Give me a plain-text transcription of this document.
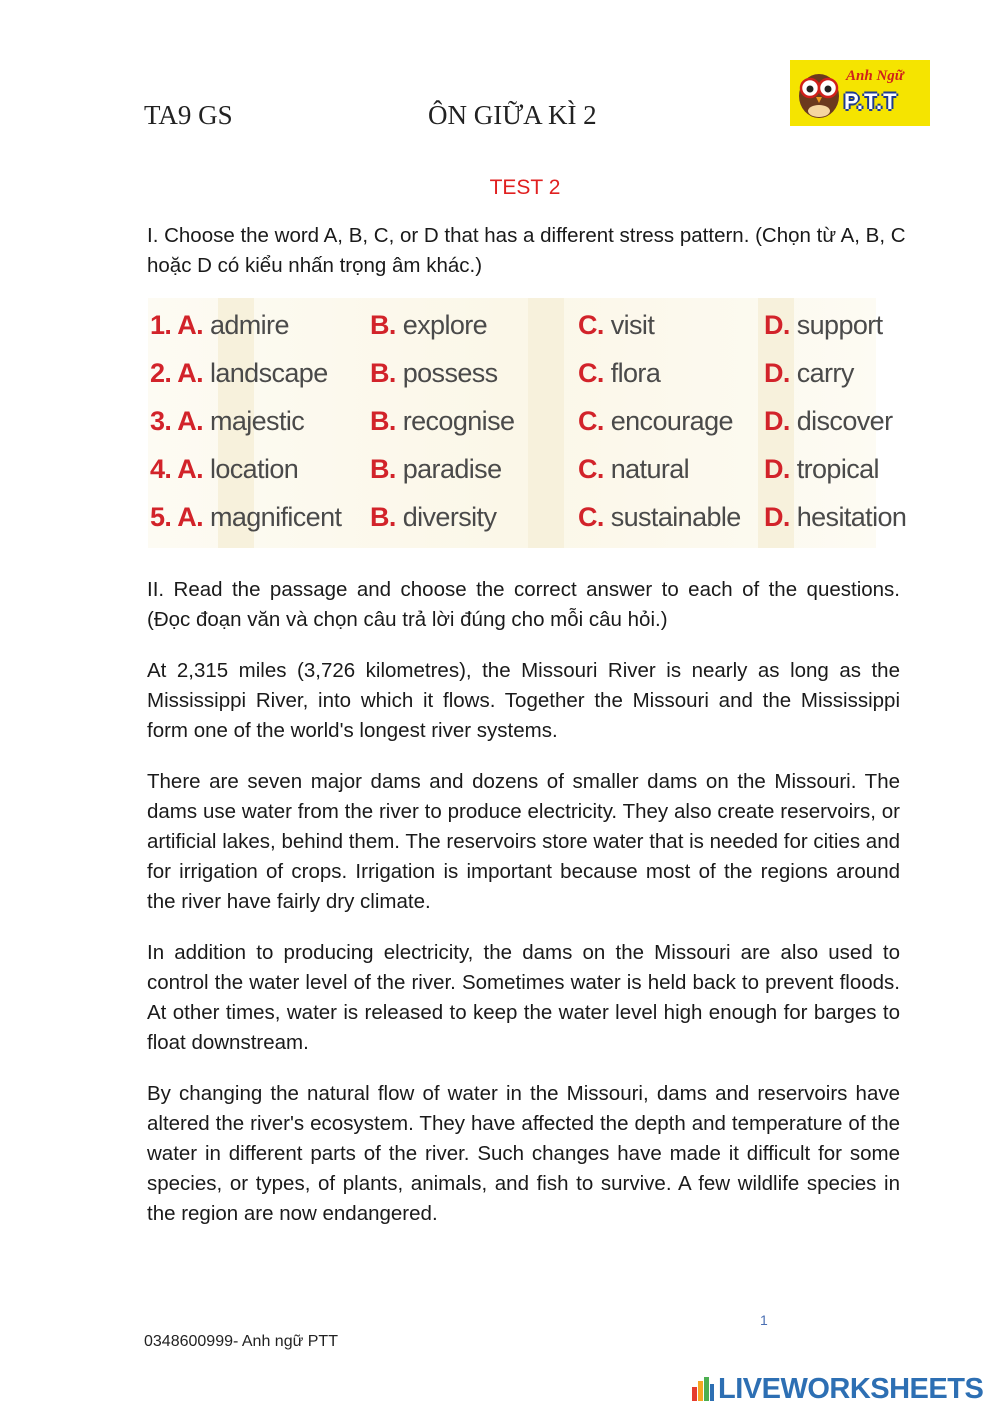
TA9 GS	ÔN GIỮA KÌ 2
Anh Ngữ
P.T.T
TEST 2
I. Choose the word A, B, C, or D that has a different stress pattern. (Chọn từ A, B, C hoặc D có kiểu nhấn trọng âm khác.)
1. A. admire	B. explore	C. visit	D. support
2. A. landscape B. possess	C. flora	D. carry
3. A. majestic B. recognise C. encourage D. discover
4. A. location	B. paradise	C. natural	D. tropical
5. A. magnificent B. diversity	C. sustainable D. hesitation
II. Read the passage and choose the correct answer to each of the questions. (Đọc đoạn văn và chọn câu trả lời đúng cho mỗi câu hỏi.)
At 2,315 miles (3,726 kilometres), the Missouri River is nearly as long as the Mississippi River, into which it flows. Together the Missouri and the Mississippi form one of the world's longest river systems.
There are seven major dams and dozens of smaller dams on the Missouri. The dams use water from the river to produce electricity. They also create reservoirs, or artificial lakes, behind them. The reservoirs store water that is needed for cities and for irrigation of crops. Irrigation is important because most of the regions around the river have fairly dry climate.
In addition to producing electricity, the dams on the Missouri are also used to control the water level of the river. Sometimes water is held back to prevent floods. At other times, water is released to keep the water level high enough for barges to float downstream.
By changing the natural flow of water in the Missouri, dams and reservoirs have altered the river's ecosystem. They have affected the depth and temperature of the water in different parts of the river. Such changes have made it difficult for some species, or types, of plants, animals, and fish to survive. A few wildlife species in the region are now endangered.
1
0348600999- Anh ngữ PTT
LIVEWORKSHEETS
